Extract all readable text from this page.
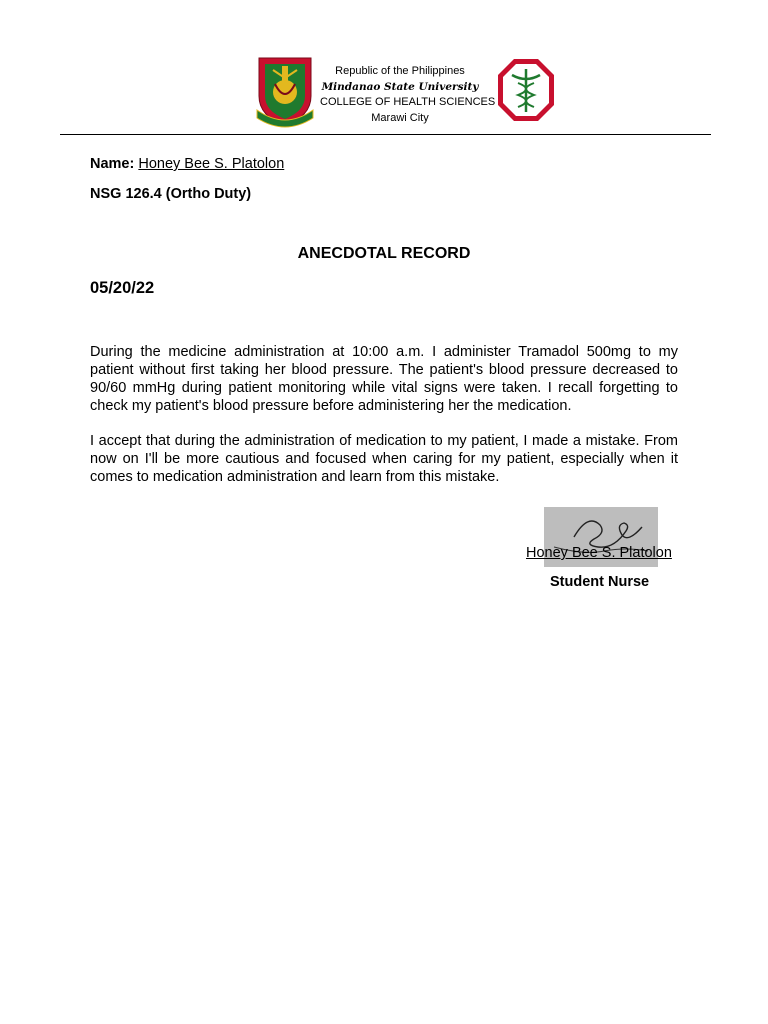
Republic of the Philippines
Mindanao State University
COLLEGE OF HEALTH SCIENCES
Marawi City
Name: Honey Bee S. Platolon
NSG 126.4 (Ortho Duty)
ANECDOTAL RECORD
05/20/22
During the medicine administration at 10:00 a.m. I administer Tramadol 500mg to my patient without first taking her blood pressure. The patient's blood pressure decreased to 90/60 mmHg during patient monitoring while vital signs were taken. I recall forgetting to check my patient's blood pressure before administering her the medication.
I accept that during the administration of medication to my patient, I made a mistake. From now on I'll be more cautious and focused when caring for my patient, especially when it comes to medication administration and learn from this mistake.
Honey Bee S. Platolon
Student Nurse
